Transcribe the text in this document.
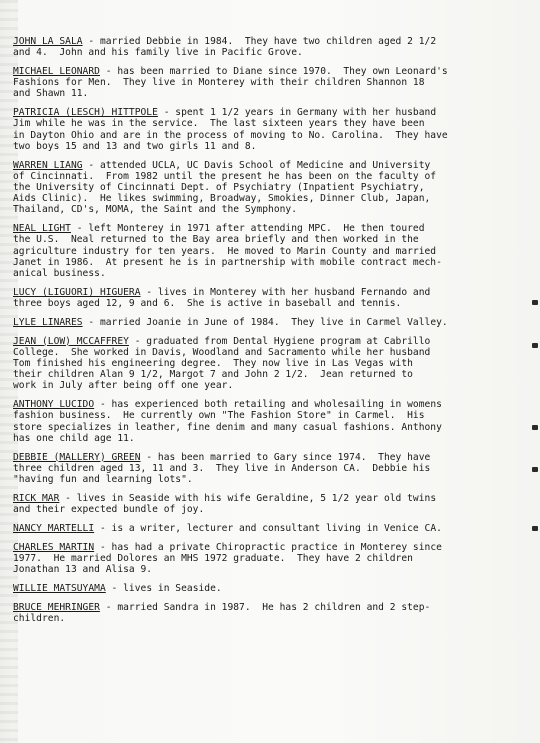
JOHN LA SALA - married Debbie in 1984.  They have two children aged 2 1/2
and 4.  John and his family live in Pacific Grove.
MICHAEL LEONARD - has been married to Diane since 1970.  They own Leonard's
Fashions for Men.  They live in Monterey with their children Shannon 18
and Shawn 11.
PATRICIA (LESCH) HITTPOLE - spent 1 1/2 years in Germany with her husband
Jim while he was in the service.  The last sixteen years they have been
in Dayton Ohio and are in the process of moving to No. Carolina.  They have
two boys 15 and 13 and two girls 11 and 8.
WARREN LIANG - attended UCLA, UC Davis School of Medicine and University
of Cincinnati.  From 1982 until the present he has been on the faculty of
the University of Cincinnati Dept. of Psychiatry (Inpatient Psychiatry,
Aids Clinic).  He likes swimming, Broadway, Smokies, Dinner Club, Japan,
Thailand, CD's, MOMA, the Saint and the Symphony.
NEAL LIGHT - left Monterey in 1971 after attending MPC.  He then toured
the U.S.  Neal returned to the Bay area briefly and then worked in the
agriculture industry for ten years.  He moved to Marin County and married
Janet in 1986.  At present he is in partnership with mobile contract mech-
anical business.
LUCY (LIGUORI) HIGUERA - lives in Monterey with her husband Fernando and
three boys aged 12, 9 and 6.  She is active in baseball and tennis.
LYLE LINARES - married Joanie in June of 1984.  They live in Carmel Valley.
JEAN (LOW) MCCAFFREY - graduated from Dental Hygiene program at Cabrillo
College.  She worked in Davis, Woodland and Sacramento while her husband
Tom finished his engineering degree.  They now live in Las Vegas with
their children Alan 9 1/2, Margot 7 and John 2 1/2.  Jean returned to
work in July after being off one year.
ANTHONY LUCIDO - has experienced both retailing and wholesailing in womens
fashion business.  He currently own "The Fashion Store" in Carmel.  His
store specializes in leather, fine denim and many casual fashions. Anthony
has one child age 11.
DEBBIE (MALLERY) GREEN - has been married to Gary since 1974.  They have
three children aged 13, 11 and 3.  They live in Anderson CA.  Debbie his
"having fun and learning lots".
RICK MAR - lives in Seaside with his wife Geraldine, 5 1/2 year old twins
and their expected bundle of joy.
NANCY MARTELLI - is a writer, lecturer and consultant living in Venice CA.
CHARLES MARTIN - has had a private Chiropractic practice in Monterey since
1977.  He married Dolores an MHS 1972 graduate.  They have 2 children
Jonathan 13 and Alisa 9.
WILLIE MATSUYAMA - lives in Seaside.
BRUCE MEHRINGER - married Sandra in 1987.  He has 2 children and 2 step-
children.
